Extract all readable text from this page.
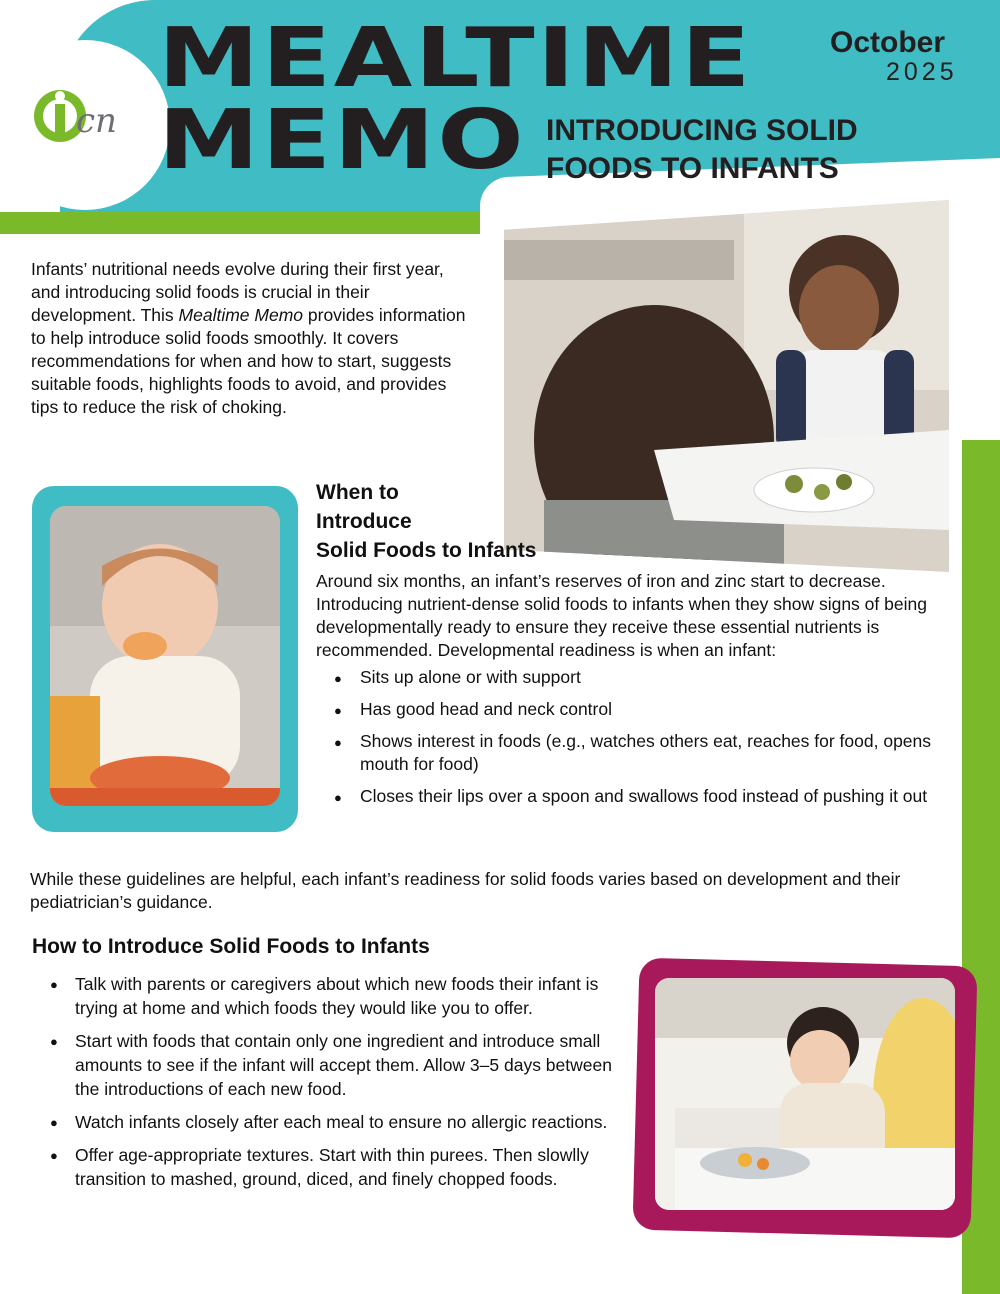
cn
MEALTIME
MEMO INTRODUCING SOLID FOODS TO INFANTS
October
2025

Infants’ nutritional needs evolve during their first year, and introducing solid foods is crucial in their development. This Mealtime Memo provides information to help introduce solid foods smoothly. It covers recommendations for when and how to start, suggests suitable foods, highlights foods to avoid, and provides tips to reduce the risk of choking.

When to
Introduce
Solid Foods to Infants
Around six months, an infant’s reserves of iron and zinc start to decrease. Introducing nutrient-dense solid foods to infants when they show signs of being developmentally ready to ensure they receive these essential nutrients is recommended. Developmental readiness is when an infant:
● Sits up alone or with support
● Has good head and neck control
● Shows interest in foods (e.g., watches others eat, reaches for food, opens mouth for food)
● Closes their lips over a spoon and swallows food instead of pushing it out
While these guidelines are helpful, each infant’s readiness for solid foods varies based on development and their pediatrician’s guidance.
How to Introduce Solid Foods to Infants
● Talk with parents or caregivers about which new foods their infant is trying at home and which foods they would like you to offer.
● Start with foods that contain only one ingredient and introduce small amounts to see if the infant will accept them. Allow 3–5 days between the introductions of each new food.
● Watch infants closely after each meal to ensure no allergic reactions.
● Offer age-appropriate textures. Start with thin purees. Then slowlly transition to mashed, ground, diced, and finely chopped foods.
